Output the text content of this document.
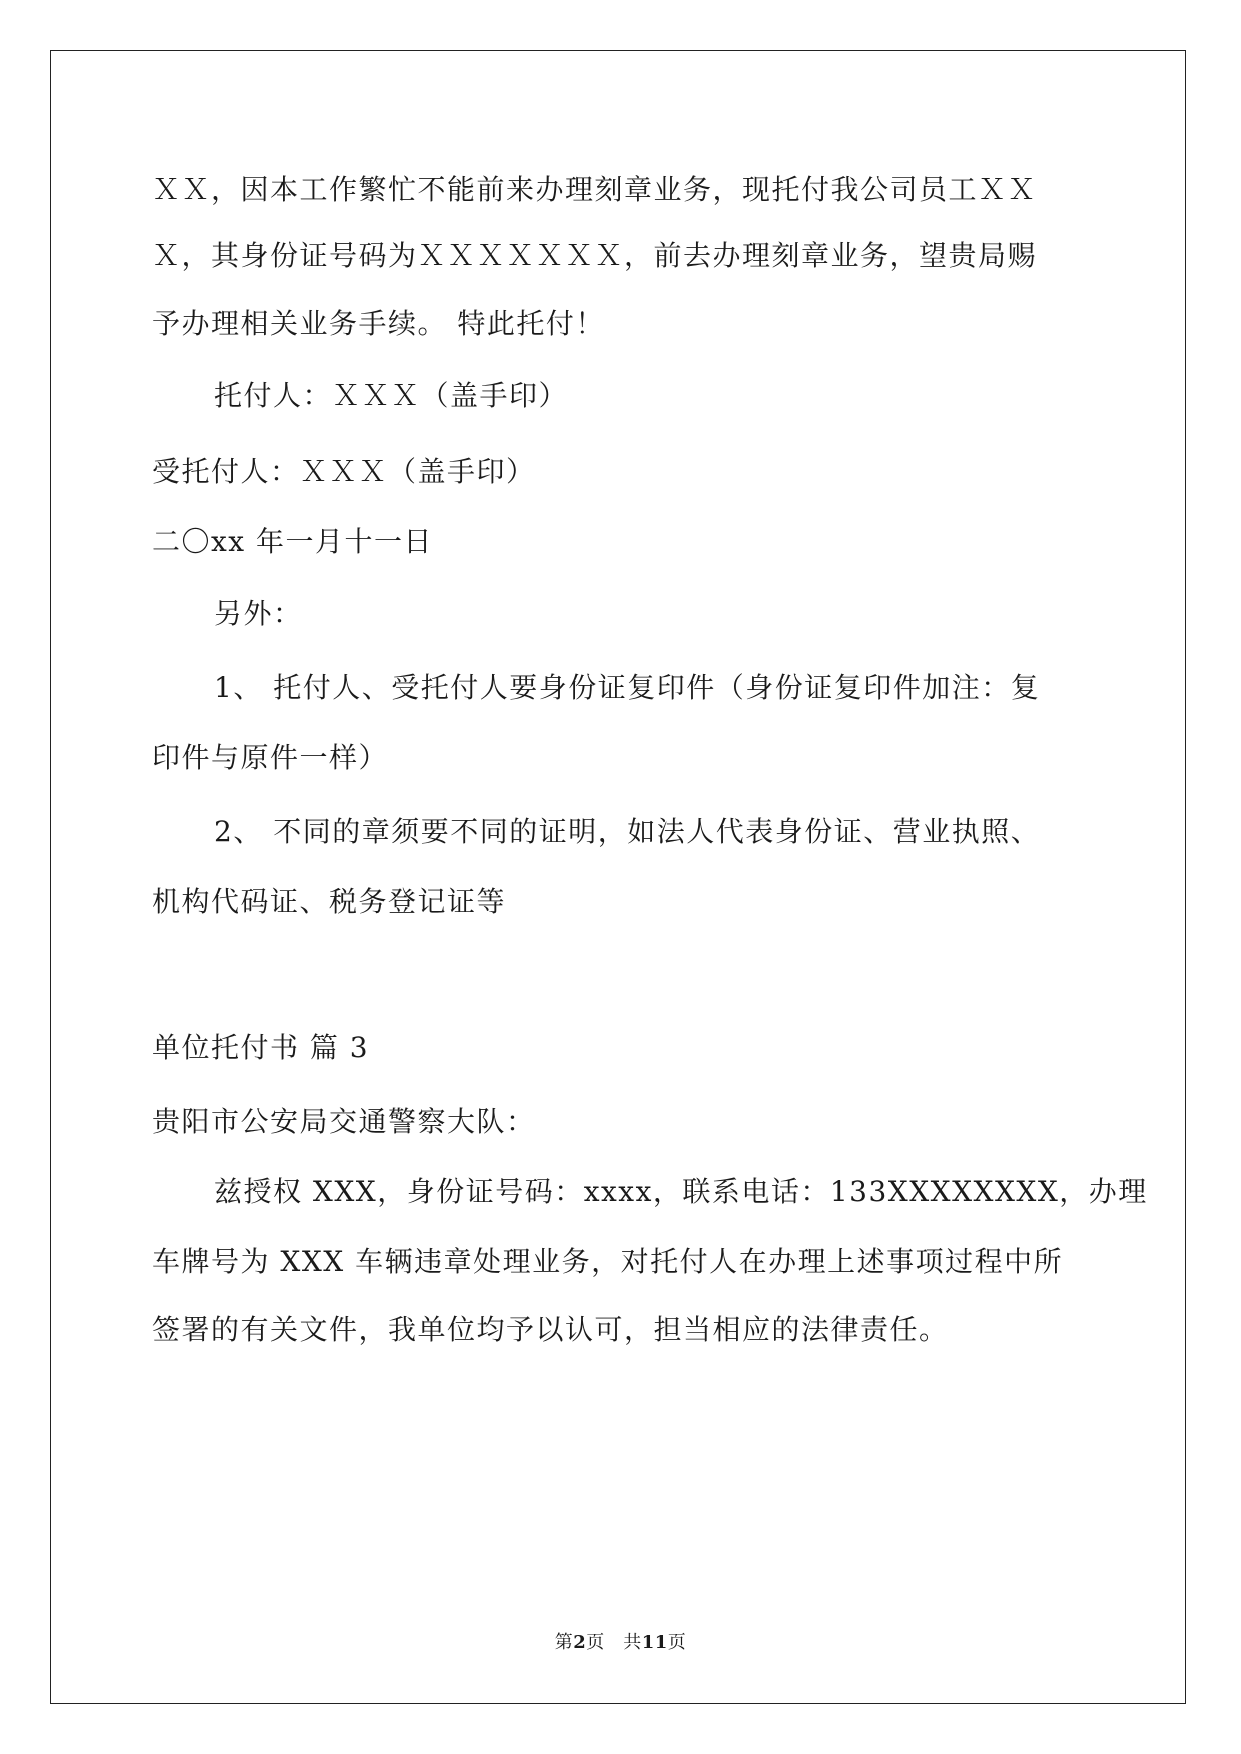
ＸＸ，因本工作繁忙不能前来办理刻章业务，现托付我公司员工ＸＸ
Ｘ，其身份证号码为ＸＸＸＸＸＸＸ，前去办理刻章业务，望贵局赐
予办理相关业务手续。 特此托付！
托付人：ＸＸＸ（盖手印）
受托付人：ＸＸＸ（盖手印）
二〇xx 年一月十一日
另外：
1、 托付人、受托付人要身份证复印件（身份证复印件加注：复
印件与原件一样）
2、 不同的章须要不同的证明，如法人代表身份证、营业执照、
机构代码证、税务登记证等
单位托付书 篇 3
贵阳市公安局交通警察大队：
兹授权 XXX，身份证号码：xxxx，联系电话：133XXXXXXXX，办理
车牌号为 XXX 车辆违章处理业务，对托付人在办理上述事项过程中所
签署的有关文件，我单位均予以认可，担当相应的法律责任。
第2页　共11页
